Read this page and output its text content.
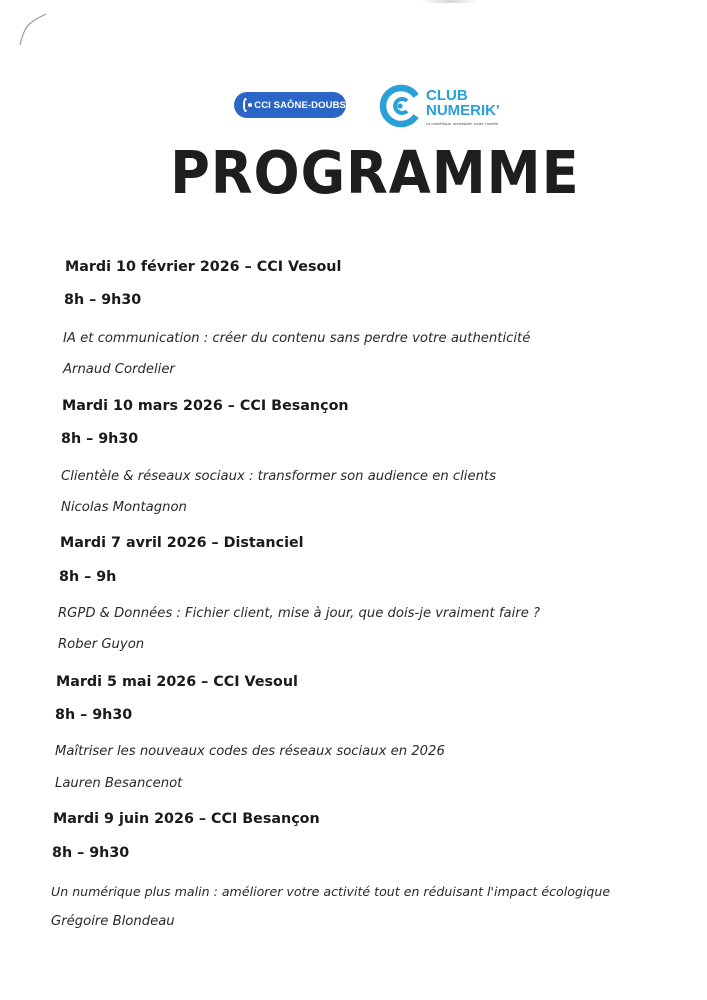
CCI SAÔNE-DOUBS
CLUB
NUMERIK'
Le numérique, accessible, toute l'année
PROGRAMME
Mardi 10 février 2026 – CCI Vesoul
8h – 9h30
IA et communication : créer du contenu sans perdre votre authenticité
Arnaud Cordelier
Mardi 10 mars 2026 – CCI Besançon
8h – 9h30
Clientèle & réseaux sociaux : transformer son audience en clients
Nicolas Montagnon
Mardi 7 avril 2026 – Distanciel
8h – 9h
RGPD & Données : Fichier client, mise à jour, que dois-je vraiment faire ?
Rober Guyon
Mardi 5 mai 2026 – CCI Vesoul
8h – 9h30
Maîtriser les nouveaux codes des réseaux sociaux en 2026
Lauren Besancenot
Mardi 9 juin 2026 – CCI Besançon
8h – 9h30
Un numérique plus malin : améliorer votre activité tout en réduisant l'impact écologique
Grégoire Blondeau
